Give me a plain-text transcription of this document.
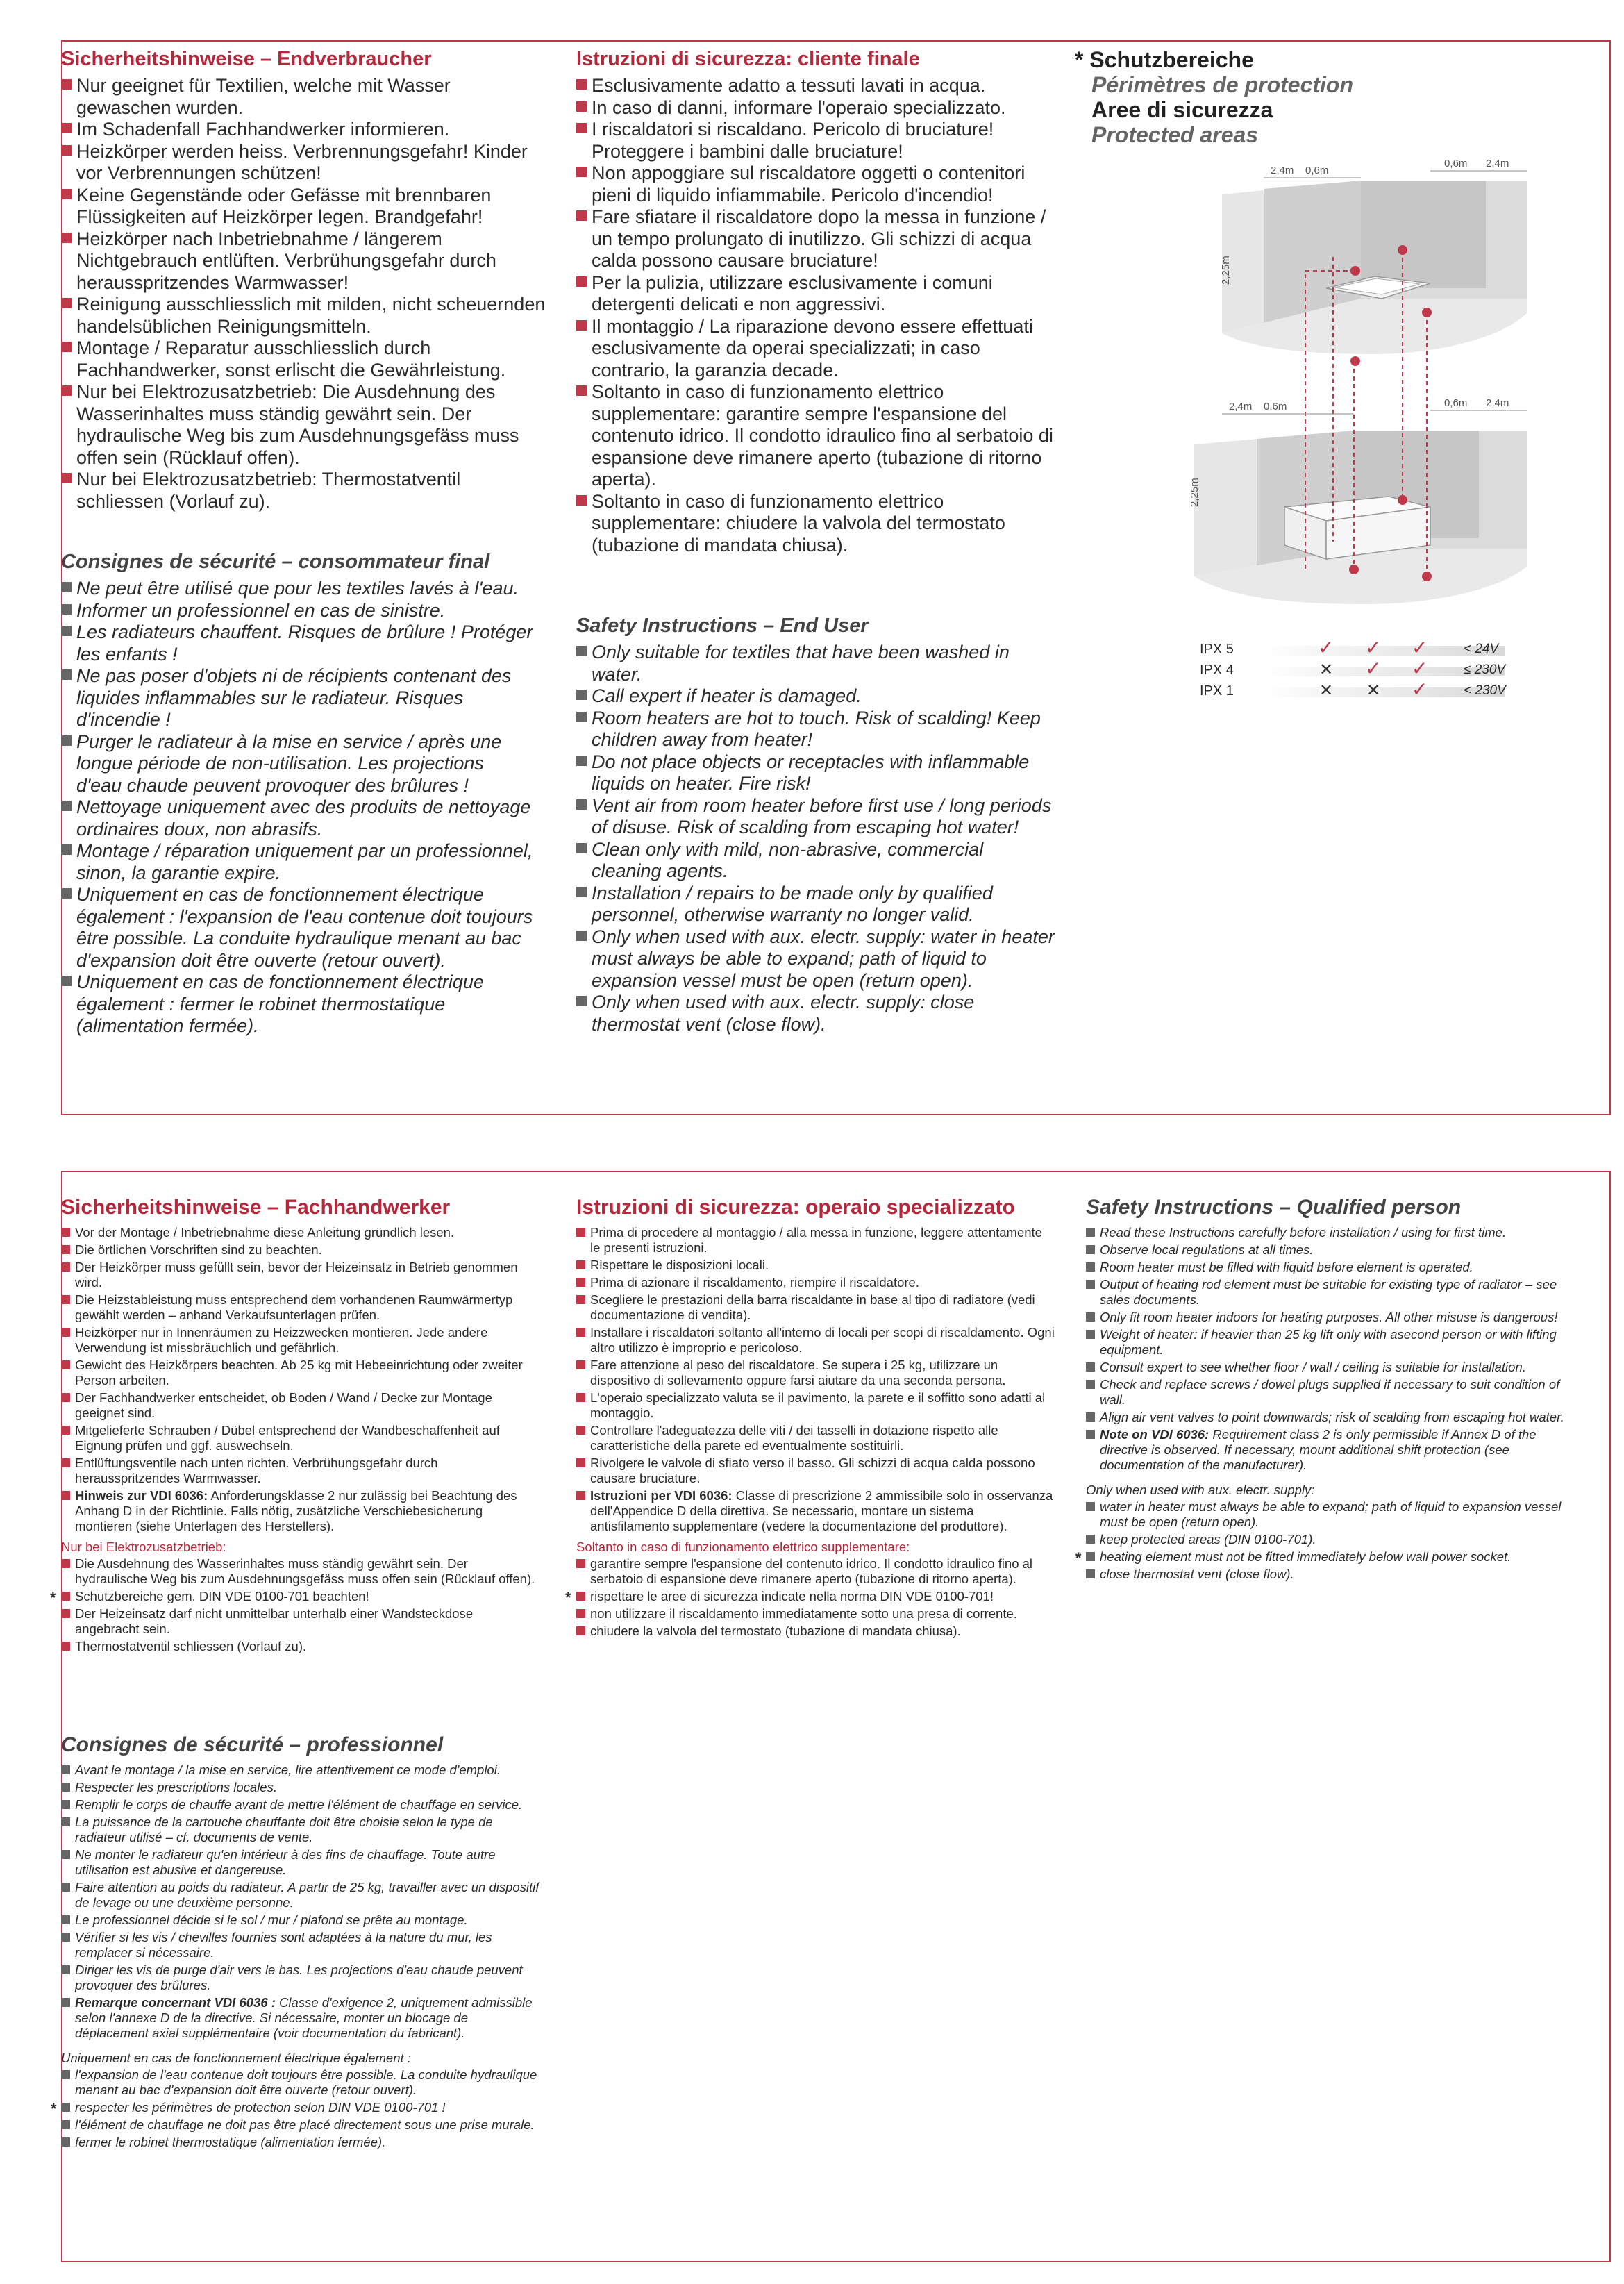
Sicherheitshinweise – Endverbraucher

Nur geeignet für Textilien, welche mit Wasser gewaschen wurden.

Im Schadenfall Fachhandwerker informieren.

Heizkörper werden heiss. Verbrennungsgefahr! Kinder vor Verbrennungen schützen!

Keine Gegenstände oder Gefässe mit brennbaren Flüssigkeiten auf Heizkörper legen. Brandgefahr!

Heizkörper nach Inbetriebnahme / längerem Nichtgebrauch entlüften. Verbrühungsgefahr durch herausspritzendes Warmwasser!

Reinigung ausschliesslich mit milden, nicht scheuernden handelsüblichen Reinigungsmitteln.

Montage / Reparatur ausschliesslich durch Fachhandwerker, sonst erlischt die Gewährleistung.

Nur bei Elektrozusatzbetrieb: Die Ausdehnung des Wasserinhaltes muss ständig gewährt sein. Der hydraulische Weg bis zum Ausdehnungsgefäss muss offen sein (Rücklauf offen).

Nur bei Elektrozusatzbetrieb: Thermostatventil schliessen (Vorlauf zu).

Consignes de sécurité – consommateur final

Ne peut être utilisé que pour les textiles lavés à l'eau.

Informer un professionnel en cas de sinistre.

Les radiateurs chauffent. Risques de brûlure ! Protéger les enfants !

Ne pas poser d'objets ni de récipients contenant des liquides inflammables sur le radiateur. Risques d'incendie !

Purger le radiateur à la mise en service / après une longue période de non-utilisation. Les projections d'eau chaude peuvent provoquer des brûlures !

Nettoyage uniquement avec des produits de nettoyage ordinaires doux, non abrasifs.

Montage / réparation uniquement par un professionnel, sinon, la garantie expire.

Uniquement en cas de fonctionnement électrique également : l'expansion de l'eau contenue doit toujours être possible. La conduite hydraulique menant au bac d'expansion doit être ouverte (retour ouvert).

Uniquement en cas de fonctionnement électrique également : fermer le robinet thermostatique (alimentation fermée).

Istruzioni di sicurezza: cliente finale

Esclusivamente adatto a tessuti lavati in acqua.

In caso di danni, informare l'operaio specializzato.

I riscaldatori si riscaldano. Pericolo di bruciature! Proteggere i bambini dalle bruciature!

Non appoggiare sul riscaldatore oggetti o contenitori pieni di liquido infiammabile. Pericolo d'incendio!

Fare sfiatare il riscaldatore dopo la messa in funzione / un tempo prolungato di inutilizzo. Gli schizzi di acqua calda possono causare bruciature!

Per la pulizia, utilizzare esclusivamente i comuni detergenti delicati e non aggressivi.

Il montaggio / La riparazione devono essere effettuati esclusivamente da operai specializzati; in caso contrario, la garanzia decade.

Soltanto in caso di funzionamento elettrico supplementare: garantire sempre l'espansione del contenuto idrico. Il condotto idraulico fino al serbatoio di espansione deve rimanere aperto (tubazione di ritorno aperta).

Soltanto in caso di funzionamento elettrico supplementare: chiudere la valvola del termostato (tubazione di mandata chiusa).

Safety Instructions – End User

Only suitable for textiles that have been washed in water.

Call expert if heater is damaged.

Room heaters are hot to touch. Risk of scalding! Keep children away from heater!

Do not place objects or receptacles with inflammable liquids on heater. Fire risk!

Vent air from room heater before first use / long periods of disuse. Risk of scalding from escaping hot water!

Clean only with mild, non-abrasive, commercial cleaning agents.

Installation / repairs to be made only by qualified personnel, otherwise warranty no longer valid.

Only when used with aux. electr. supply: water in heater must always be able to expand; path of liquid to expansion vessel must be open (return open).

Only when used with aux. electr. supply: close thermostat vent (close flow).

* Schutzbereiche
Périmètres de protection
Aree di sicurezza
Protected areas
2,4m 0,6m
0,6m 2,4m
2,4m 0,6m	0,6m 2,4m
2,25m
2,25m
IPX 5	✓ ✓ ✓	< 24V
IPX 4	✕ ✓ ✓	≤ 230V
IPX 1	✕ ✕ ✓	< 230V
Sicherheitshinweise – Fachhandwerker

Vor der Montage / Inbetriebnahme diese Anleitung gründlich lesen.

Die örtlichen Vorschriften sind zu beachten.

Der Heizkörper muss gefüllt sein, bevor der Heizeinsatz in Betrieb genommen wird.

Die Heizstableistung muss entsprechend dem vorhandenen Raumwärmertyp gewählt werden – anhand Verkaufsunterlagen prüfen.

Heizkörper nur in Innenräumen zu Heizzwecken montieren. Jede andere Verwendung ist missbräuchlich und gefährlich.

Gewicht des Heizkörpers beachten. Ab 25 kg mit Hebeeinrichtung oder zweiter Person arbeiten.

Der Fachhandwerker entscheidet, ob Boden / Wand / Decke zur Montage geeignet sind.

Mitgelieferte Schrauben / Dübel entsprechend der Wandbeschaffenheit auf Eignung prüfen und ggf. auswechseln.

Entlüftungsventile nach unten richten. Verbrühungsgefahr durch herausspritzendes Warmwasser.

Hinweis zur VDI 6036: Anforderungsklasse 2 nur zulässig bei Beachtung des Anhang D in der Richtlinie. Falls nötig, zusätzliche Verschiebesicherung montieren (siehe Unterlagen des Herstellers).

Nur bei Elektrozusatzbetrieb:

Die Ausdehnung des Wasserinhaltes muss ständig gewährt sein. Der hydraulische Weg bis zum Ausdehnungsgefäss muss offen sein (Rücklauf offen).

* Schutzbereiche gem. DIN VDE 0100-701 beachten!

Der Heizeinsatz darf nicht unmittelbar unterhalb einer Wandsteckdose angebracht sein.

Thermostatventil schliessen (Vorlauf zu).

Consignes de sécurité – professionnel

Avant le montage / la mise en service, lire attentivement ce mode d'emploi.

Respecter les prescriptions locales.

Remplir le corps de chauffe avant de mettre l'élément de chauffage en service.

La puissance de la cartouche chauffante doit être choisie selon le type de radiateur utilisé – cf. documents de vente.

Ne monter le radiateur qu'en intérieur à des fins de chauffage. Toute autre utilisation est abusive et dangereuse.

Faire attention au poids du radiateur. A partir de 25 kg, travailler avec un dispositif de levage ou une deuxième personne.

Le professionnel décide si le sol / mur / plafond se prête au montage.

Vérifier si les vis / chevilles fournies sont adaptées à la nature du mur, les remplacer si nécessaire.

Diriger les vis de purge d'air vers le bas. Les projections d'eau chaude peuvent provoquer des brûlures.

Remarque concernant VDI 6036 : Classe d'exigence 2, uniquement admissible selon l'annexe D de la directive. Si nécessaire, monter un blocage de déplacement axial supplémentaire (voir documentation du fabricant).

Uniquement en cas de fonctionnement électrique également :

l'expansion de l'eau contenue doit toujours être possible. La conduite hydraulique menant au bac d'expansion doit être ouverte (retour ouvert).

* respecter les périmètres de protection selon DIN VDE 0100-701 !

l'élément de chauffage ne doit pas être placé directement sous une prise murale.

fermer le robinet thermostatique (alimentation fermée).

Istruzioni di sicurezza: operaio specializzato

Prima di procedere al montaggio / alla messa in funzione, leggere attentamente le presenti istruzioni.

Rispettare le disposizioni locali.

Prima di azionare il riscaldamento, riempire il riscaldatore.

Scegliere le prestazioni della barra riscaldante in base al tipo di radiatore (vedi documentazione di vendita).

Installare i riscaldatori soltanto all'interno di locali per scopi di riscaldamento. Ogni altro utilizzo è improprio e pericoloso.

Fare attenzione al peso del riscaldatore. Se supera i 25 kg, utilizzare un dispositivo di sollevamento oppure farsi aiutare da una seconda persona.

L'operaio specializzato valuta se il pavimento, la parete e il soffitto sono adatti al montaggio.

Controllare l'adeguatezza delle viti / dei tasselli in dotazione rispetto alle caratteristiche della parete ed eventualmente sostituirli.

Rivolgere le valvole di sfiato verso il basso. Gli schizzi di acqua calda possono causare bruciature.

Istruzioni per VDI 6036: Classe di prescrizione 2 ammissibile solo in osservanza dell'Appendice D della direttiva. Se necessario, montare un sistema antisfilamento supplementare (vedere la documentazione del produttore).

Soltanto in caso di funzionamento elettrico supplementare:

garantire sempre l'espansione del contenuto idrico. Il condotto idraulico fino al serbatoio di espansione deve rimanere aperto (tubazione di ritorno aperta).

* rispettare le aree di sicurezza indicate nella norma DIN VDE 0100-701!

non utilizzare il riscaldamento immediatamente sotto una presa di corrente.

chiudere la valvola del termostato (tubazione di mandata chiusa).

Safety Instructions – Qualified person

Read these Instructions carefully before installation / using for first time.

Observe local regulations at all times.

Room heater must be filled with liquid before element is operated.

Output of heating rod element must be suitable for existing type of radiator – see sales documents.

Only fit room heater indoors for heating purposes. All other misuse is dangerous!

Weight of heater: if heavier than 25 kg lift only with asecond person or with lifting equipment.

Consult expert to see whether floor / wall / ceiling is suitable for installation.

Check and replace screws / dowel plugs supplied if necessary to suit condition of wall.

Align air vent valves to point downwards; risk of scalding from escaping hot water.

Note on VDI 6036: Requirement class 2 is only permissible if Annex D of the directive is observed. If necessary, mount additional shift protection (see documentation of the manufacturer).

Only when used with aux. electr. supply:

water in heater must always be able to expand; path of liquid to expansion vessel must be open (return open).

keep protected areas (DIN 0100-701).

* heating element must not be fitted immediately below wall power socket.

close thermostat vent (close flow).
